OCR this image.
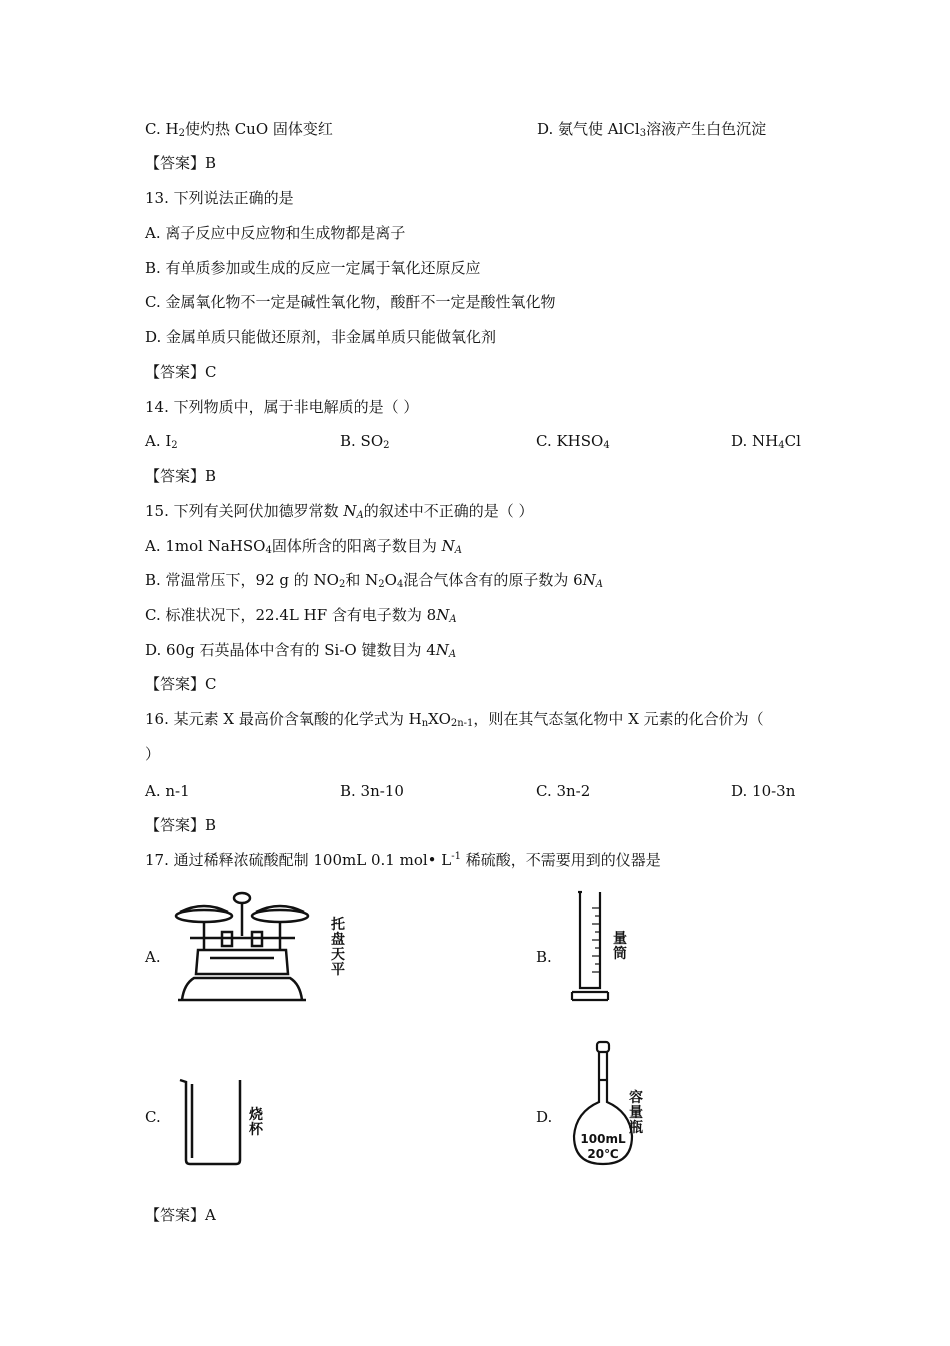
C. $H_2$使灼热 CuO 固体变红	D. 氨气使 AlCl$_3$溶液产生白色沉淀
【答案】B
13. 下列说法正确的是
A. 离子反应中反应物和生成物都是离子
B. 有单质参加或生成的反应一定属于氧化还原反应
C. 金属氧化物不一定是碱性氧化物，酸酐不一定是酸性氧化物
D. 金属单质只能做还原剂，非金属单质只能做氧化剂
【答案】C
14. 下列物质中，属于非电解质的是（ ）
A. $I_2$	B. $SO_2$	C. $KHSO_4$	D. $NH_4Cl$
【答案】B
15. 下列有关阿伏加德罗常数 $N_A$的叙述中不正确的是（ ）
A. 1mol NaHSO$_4$固体所含的阳离子数目为 $N_A$
B. 常温常压下，92 g 的 $NO_2$和 $N_2O_4$混合气体含有的原子数为 $6N_A$
C. 标准状况下，22.4L HF 含有电子数为 $8N_A$
D. 60g 石英晶体中含有的 Si-O 键数目为 $4N_A$
【答案】C
16. 某元素 X 最高价含氧酸的化学式为 $H_nXO_{2n-1}$，则在其气态氢化物中 X 元素的化合价为（
）
A. n-1	B. 3n-10	C. 3n-2	D. 10-3n
【答案】B
17. 通过稀释浓硫酸配制 100mL 0.1 mol• $L^{-1}$ 稀硫酸，不需要用到的仪器是
A.	B.
C.	D.
托
盘
天
平
量
筒
烧
杯
100mL
20℃
容
量
瓶
【答案】A
